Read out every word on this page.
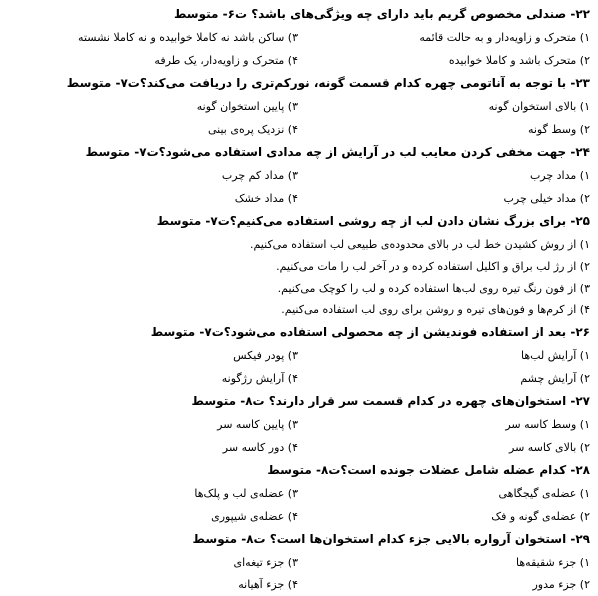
۲۲- صندلی مخصوص گریم باید دارای چه ویژگی‌های باشد؟ ت۶- متوسط
۱) متحرک و زاویه‌دار و به حالت قائمه
۳) ساکن باشد نه کاملا خوابیده و نه کاملا نشسته
۲) متحرک باشد و کاملا خوابیده
۴) متحرک و زاویه‌دار، یک طرفه
۲۳- با توجه به آناتومی چهره کدام قسمت گونه، نورکم‌تری را دریافت می‌کند؟ت۷- متوسط
۱) بالای استخوان گونه
۳) پایین استخوان گونه
۲) وسط گونه
۴) نزدیک پره‌ی بینی
۲۴- جهت مخفی کردن معایب لب در آرایش از چه مدادی استفاده می‌شود؟ت۷- متوسط
۱) مداد چرب
۳) مداد کم چرب
۲) مداد خیلی چرب
۴) مداد خشک
۲۵- برای بزرگ نشان دادن لب از چه روشی استفاده می‌کنیم؟ت۷- متوسط
۱) از روش کشیدن خط لب در بالای محدوده‌ی طبیعی لب استفاده می‌کنیم.
۲) از رژ لب براق و اکلیل استفاده کرده و در آخر لب را مات می‌کنیم.
۳) از فون رنگ تیره روی لب‌ها استفاده کرده و لب را کوچک می‌کنیم.
۴) از کرم‌ها و فون‌های تیره و روشن برای روی لب استفاده می‌کنیم.
۲۶- بعد از استفاده فوندیشن از چه محصولی استفاده می‌شود؟ت۷- متوسط
۱) آرایش لب‌ها
۳) پودر فیکس
۲) آرایش چشم
۴) آرایش رژگونه
۲۷- استخوان‌های چهره در کدام قسمت سر قرار دارند؟ ت۸- متوسط
۱) وسط کاسه سر
۳) پایین کاسه سر
۲) بالای کاسه سر
۴) دور کاسه سر
۲۸- کدام عضله شامل عضلات جونده است؟ت۸- متوسط
۱) عضله‌ی گیجگاهی
۳) عضله‌ی لب و پلک‌ها
۲) عضله‌ی گونه و فک
۴) عضله‌ی شیپوری
۲۹- استخوان آرواره بالایی جزء کدام استخوان‌ها است؟ ت۸- متوسط
۱) جزء شقیقه‌ها
۳) جزء تیغه‌ای
۲) جزء مدور
۴) جزء آهیانه
